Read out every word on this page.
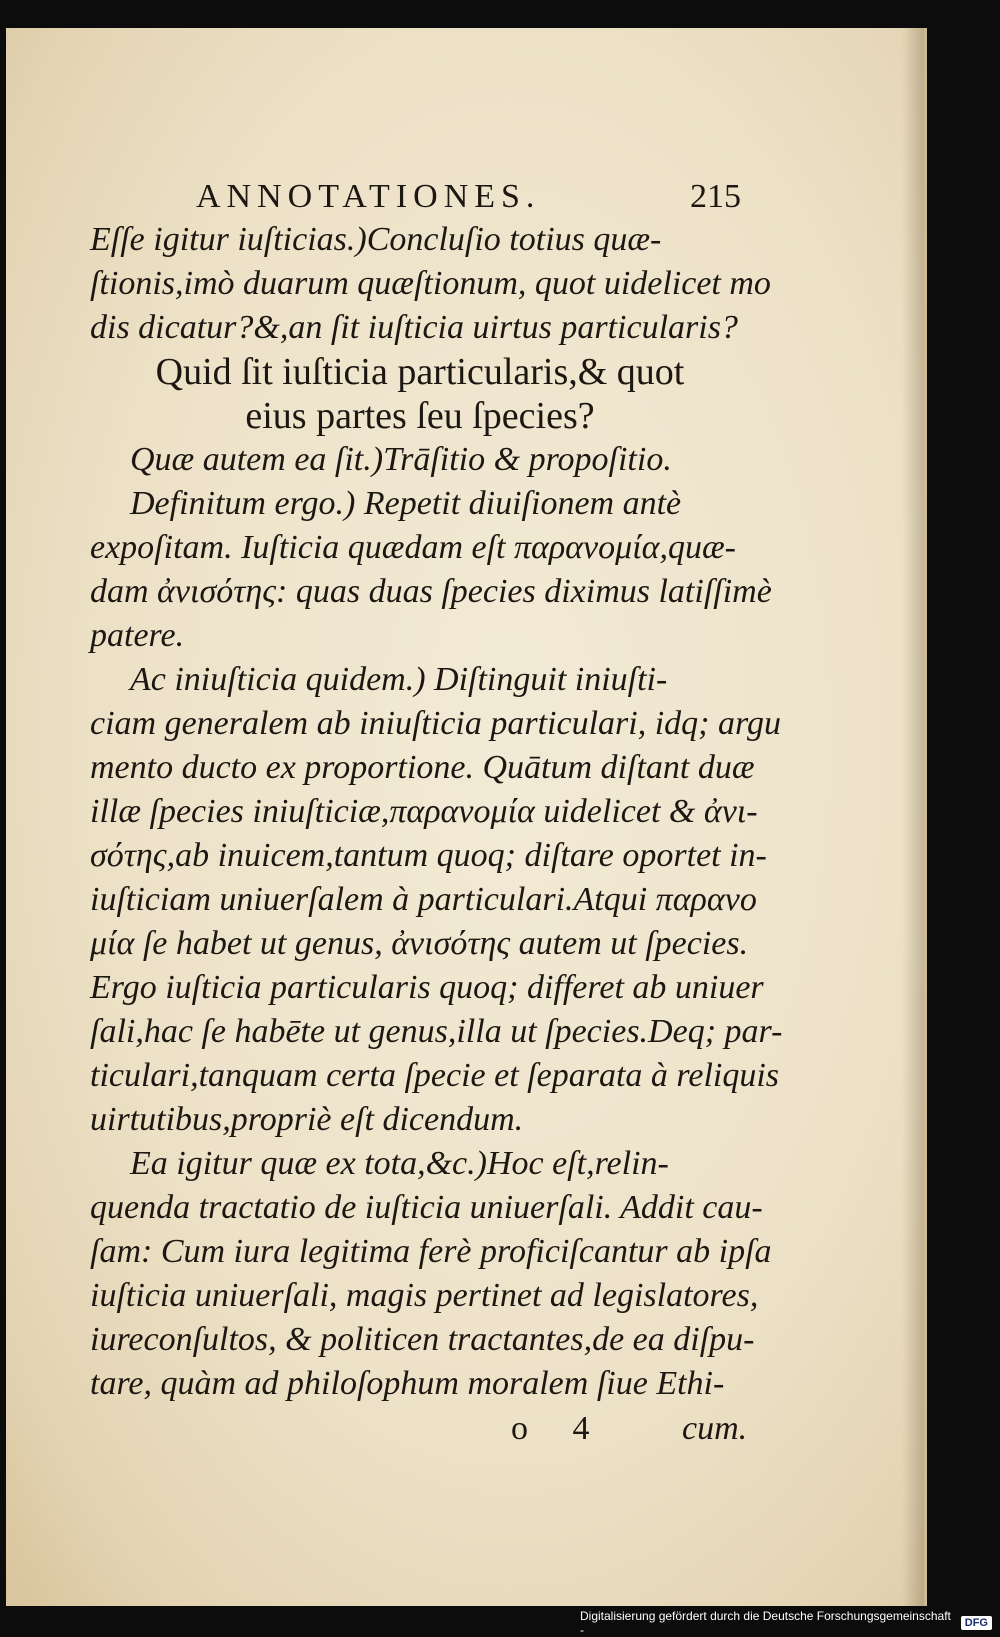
ANNOTATIONES.	215
Eſſe igitur iuſticias.)Concluſio totius quæ-
ſtionis,imò duarum quæſtionum, quot uidelicet mo
dis dicatur?&,an ſit iuſticia uirtus particularis?
Quid ſit iuſticia particularis,& quot
eius partes ſeu ſpecies?
Quæ autem ea ſit.)Trāſitio & propoſitio.
Definitum ergo.) Repetit diuiſionem antè
expoſitam. Iuſticia quædam eſt παρανομία,quæ-
dam ἀνισότης: quas duas ſpecies diximus latiſſimè
patere.
Ac iniuſticia quidem.) Diſtinguit iniuſti-
ciam generalem ab iniuſticia particulari, idq; argu
mento ducto ex proportione. Quātum diſtant duæ
illæ ſpecies iniuſticiæ,παρανομία uidelicet & ἀνι-
σότης,ab inuicem,tantum quoq; diſtare oportet in-
iuſticiam uniuerſalem à particulari.Atqui παρανο
μία ſe habet ut genus, ἀνισότης autem ut ſpecies.
Ergo iuſticia particularis quoq; differet ab uniuer
ſali,hac ſe habēte ut genus,illa ut ſpecies.Deq; par-
ticulari,tanquam certa ſpecie et ſeparata à reliquis
uirtutibus,propriè eſt dicendum.
Ea igitur quæ ex tota,&c.)Hoc eſt,relin-
quenda tractatio de iuſticia uniuerſali. Addit cau-
ſam: Cum iura legitima ferè proficiſcantur ab ipſa
iuſticia uniuerſali, magis pertinet ad legislatores,
iureconſultos, & politicen tractantes,de ea diſpu-
tare, quàm ad philoſophum moralem ſiue Ethi-
o 4 cum.
Digitalisierung gefördert durch die Deutsche Forschungsgemeinschaft -	DFG
